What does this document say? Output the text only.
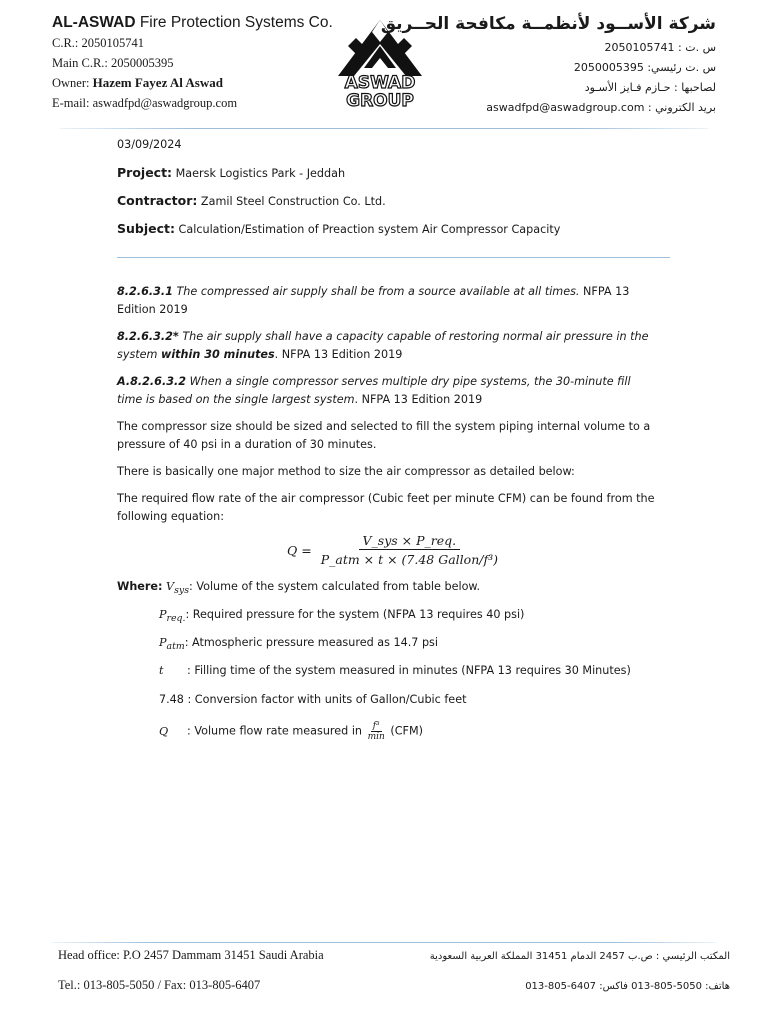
AL-ASWAD Fire Protection Systems Co.
C.R.: 2050105741
Main C.R.: 2050005395
Owner: Hazem Fayez Al Aswad
E-mail: aswadfpd@aswadgroup.com
ASWAD
GROUP
شركة الأســود لأنظمــة مكافحة الحــريق
س .ت : 2050105741
س .ت رئيسي: 2050005395
لصاحبها : حـازم فـايز الأسـود
بريد الكتروني : aswadfpd@aswadgroup.com
03/09/2024
Project: Maersk Logistics Park - Jeddah
Contractor: Zamil Steel Construction Co. Ltd.
Subject: Calculation/Estimation of Preaction system Air Compressor Capacity
8.2.6.3.1 The compressed air supply shall be from a source available at all times. NFPA 13 Edition 2019
8.2.6.3.2* The air supply shall have a capacity capable of restoring normal air pressure in the system within 30 minutes. NFPA 13 Edition 2019
A.8.2.6.3.2 When a single compressor serves multiple dry pipe systems, the 30-minute fill time is based on the single largest system. NFPA 13 Edition 2019
The compressor size should be sized and selected to fill the system piping internal volume to a pressure of 40 psi in a duration of 30 minutes.
There is basically one major method to size the air compressor as detailed below:
The required flow rate of the air compressor (Cubic feet per minute CFM) can be found from the following equation:
$Q = \frac{\text{V\_sys × P\_req.}}{\text{P\_atm × t × (7.48 Gallon/f³)}}$
Where: $V_{sys}$: Volume of the system calculated from table below.
$P_{req.}$: Required pressure for the system (NFPA 13 requires 40 psi)
$P_{atm}$: Atmospheric pressure measured as 14.7 psi
t : Filling time of the system measured in minutes (NFPA 13 requires 30 Minutes)
7.48 : Conversion factor with units of Gallon/Cubic feet
Q : Volume flow rate measured in $\frac{\text{f³}}{\min} (CFM)$
Head office: P.O 2457 Dammam 31451 Saudi Arabia
Tel.: 013-805-5050 / Fax: 013-805-6407
المكتب الرئيسي : ص.ب 2457 الدمام 31451 المملكة العربية السعودية
هاتف: 5050-805-013 فاكس: 6407-805-013
